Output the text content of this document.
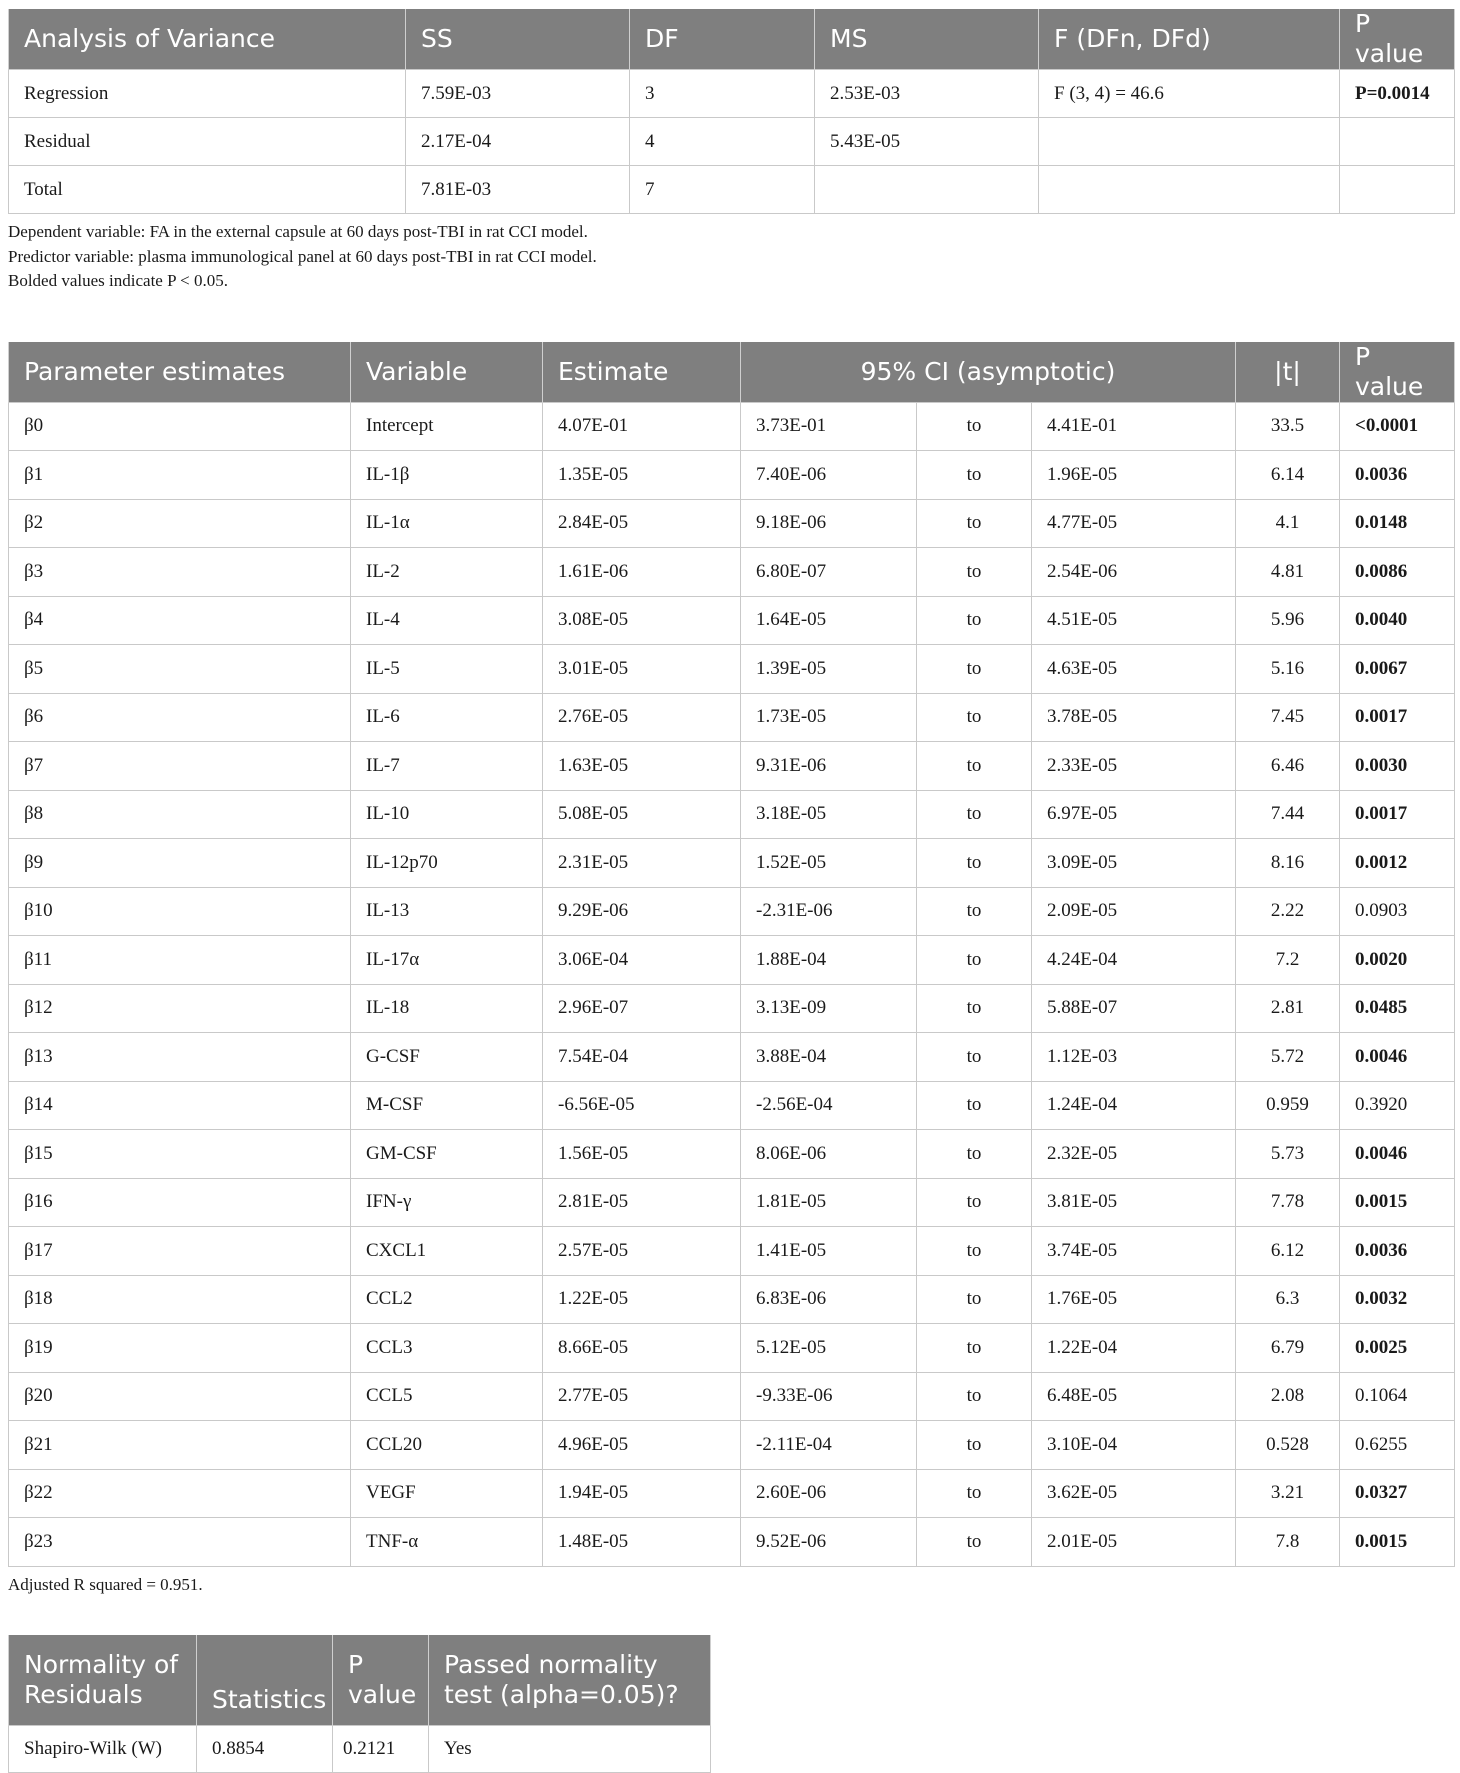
Analysis of Variance	SS	DF	MS	F (DFn, DFd)	P value
Regression	7.59E-03	3	2.53E-03	F (3, 4) = 46.6	P=0.0014
Residual	2.17E-04	4	5.43E-05		
Total	7.81E-03	7			
Dependent variable: FA in the external capsule at 60 days post-TBI in rat CCI model.
Predictor variable: plasma immunological panel at 60 days post-TBI in rat CCI model.
Bolded values indicate P < 0.05.
Parameter estimates	Variable	Estimate	95% CI (asymptotic)			|t|	P value
β0	Intercept	4.07E-01	3.73E-01	to	4.41E-01	33.5	<0.0001
β1	IL-1β	1.35E-05	7.40E-06	to	1.96E-05	6.14	0.0036
β2	IL-1α	2.84E-05	9.18E-06	to	4.77E-05	4.1	0.0148
β3	IL-2	1.61E-06	6.80E-07	to	2.54E-06	4.81	0.0086
β4	IL-4	3.08E-05	1.64E-05	to	4.51E-05	5.96	0.0040
β5	IL-5	3.01E-05	1.39E-05	to	4.63E-05	5.16	0.0067
β6	IL-6	2.76E-05	1.73E-05	to	3.78E-05	7.45	0.0017
β7	IL-7	1.63E-05	9.31E-06	to	2.33E-05	6.46	0.0030
β8	IL-10	5.08E-05	3.18E-05	to	6.97E-05	7.44	0.0017
β9	IL-12p70	2.31E-05	1.52E-05	to	3.09E-05	8.16	0.0012
β10	IL-13	9.29E-06	-2.31E-06	to	2.09E-05	2.22	0.0903
β11	IL-17α	3.06E-04	1.88E-04	to	4.24E-04	7.2	0.0020
β12	IL-18	2.96E-07	3.13E-09	to	5.88E-07	2.81	0.0485
β13	G-CSF	7.54E-04	3.88E-04	to	1.12E-03	5.72	0.0046
β14	M-CSF	-6.56E-05	-2.56E-04	to	1.24E-04	0.959	0.3920
β15	GM-CSF	1.56E-05	8.06E-06	to	2.32E-05	5.73	0.0046
β16	IFN-γ	2.81E-05	1.81E-05	to	3.81E-05	7.78	0.0015
β17	CXCL1	2.57E-05	1.41E-05	to	3.74E-05	6.12	0.0036
β18	CCL2	1.22E-05	6.83E-06	to	1.76E-05	6.3	0.0032
β19	CCL3	8.66E-05	5.12E-05	to	1.22E-04	6.79	0.0025
β20	CCL5	2.77E-05	-9.33E-06	to	6.48E-05	2.08	0.1064
β21	CCL20	4.96E-05	-2.11E-04	to	3.10E-04	0.528	0.6255
β22	VEGF	1.94E-05	2.60E-06	to	3.62E-05	3.21	0.0327
β23	TNF-α	1.48E-05	9.52E-06	to	2.01E-05	7.8	0.0015
Adjusted R squared = 0.951.
Normality of Residuals	Statistics	P value	Passed normality test (alpha=0.05)?
Shapiro-Wilk (W)	0.8854	0.2121	Yes
